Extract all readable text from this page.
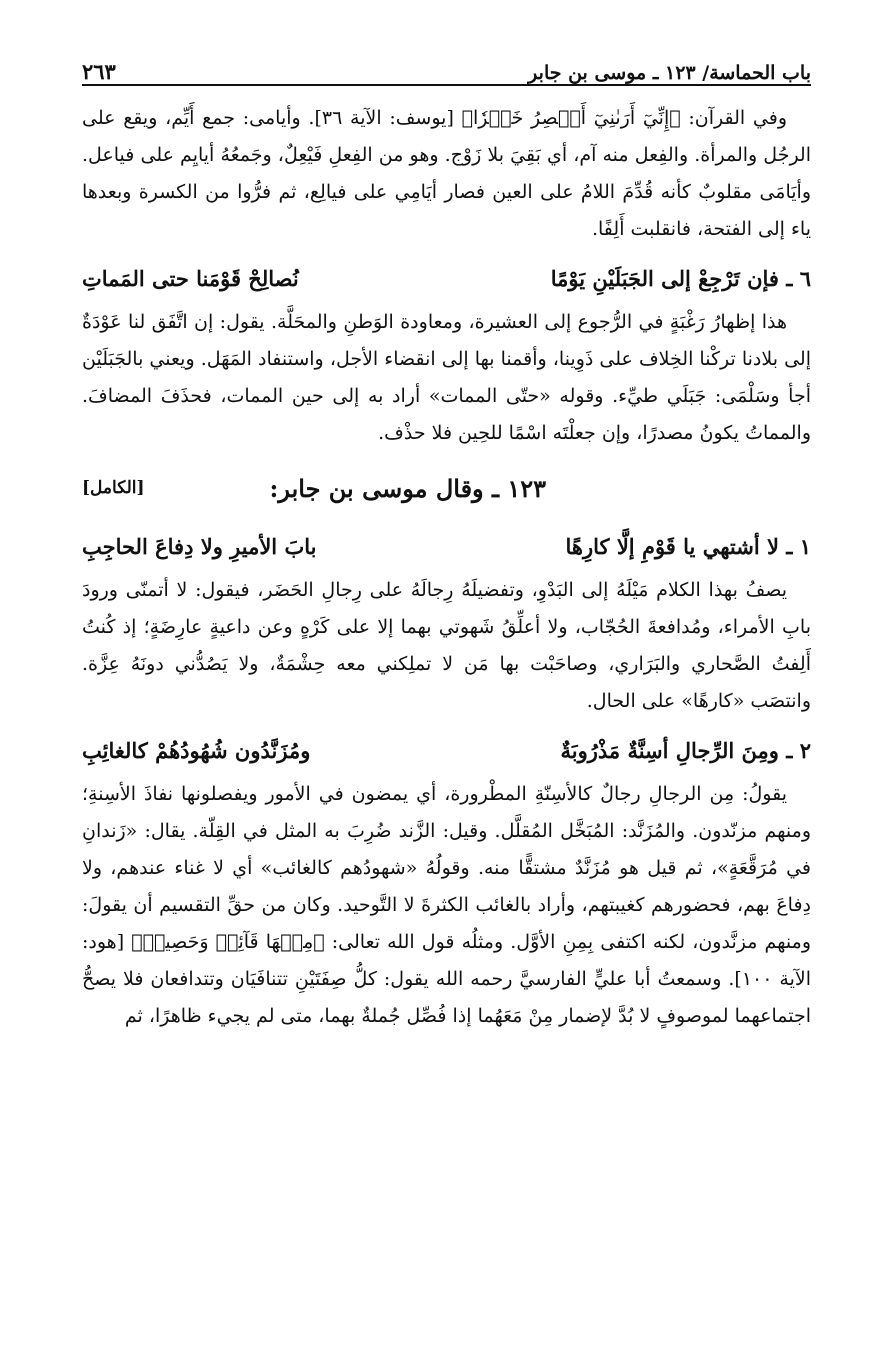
باب الحماسة/ ١٢٣ ـ موسى بن جابر
٢٦٣

وفي القرآن: ﴿إِنِّيٓ أَرَىٰنِيٓ أَعۡصِرُ خَمۡرٗا﴾ [يوسف: الآية ٣٦]. وأيامى: جمع أَيِّم، ويقع على الرجُل والمرأة. والفِعل منه آم، أي بَقِيَ بلا زَوْج. وهو من الفِعلِ فَيْعِلٌ، وجَمعُهُ أيايِم على فياعل. وأيَامَى مقلوبٌ كأنه قُدِّمَ اللامُ على العين فصار أيَامِي على فيالِع، ثم فرُّوا من الكسرة وبعدها ياء إلى الفتحة، فانقلبت أَلِفًا.

٦ ـ فإن تَرْجِعْ إلى الجَبَلَيْنِ يَوْمًا
نُصالِحْ قَوْمَنا حتى المَماتِ

هذا إظهارُ رَغْبَةٍ في الرُّجوع إلى العشيرة، ومعاودة الوَطنِ والمحَلَّة. يقول: إن اتَّفَق لنا عَوْدَةٌ إلى بلادنا تركْنا الخِلاف على ذَوِينا، وأقمنا بها إلى انقضاء الأجل، واستنفاد المَهَل. ويعني بالجَبَلَيْن أجأ وسَلْمَى: جَبَلَي طيِّء. وقوله «حتّى الممات» أراد به إلى حين الممات، فحذَفَ المضافَ. والمماتُ يكونُ مصدرًا، وإن جعلْتَه اسْمًا للحِين فلا حذْف.

١٢٣ ـ وقال موسى بن جابر:
[الكامل]
١ ـ لا أشتهي يا قَوْمِ إلَّا كارِهًا
بابَ الأميرِ ولا دِفاعَ الحاجِبِ

يصفُ بهذا الكلام مَيْلَهُ إلى البَدْوِ، وتفضيلَهُ رِجالَهُ على رِجالِ الحَضَر، فيقول: لا أتمنّى ورودَ بابِ الأمراء، ومُدافعةَ الحُجّاب، ولا أعلِّقُ شَهوتي بهما إلا على كَرْهٍ وعن داعيةٍ عارِضَةٍ؛ إذ كُنتُ أَلِفتُ الصَّحاري والبَرَاري، وصاحَبْت بها مَن لا تملِكني معه حِشْمَةٌ، ولا يَصُدُّني دونَهُ عِزَّة. وانتصَب «كارهًا» على الحال.

٢ ـ ومِنَ الرِّجالِ أسِنَّةٌ مَذْرُوبَةٌ
ومُزَنَّدُون شُهُودُهُمْ كالغائِبِ

يقولُ: مِن الرجالِ رجالٌ كالأسِنّةِ المطْرورة، أي يمضون في الأمور ويفصلونها نفاذَ الأسِنةِ؛ ومنهم مزنّدون. والمُزَنَّد: المُبَخَّل المُقلَّل. وقيل: الزَّند ضُرِبَ به المثل في القِلّة. يقال: «زَندانِ في مُرَقَّعَةٍ»، ثم قيل هو مُزَنَّدٌ مشتقًّا منه. وقولُهُ «شهودُهم كالغائب» أي لا غناء عندهم، ولا دِفاعَ بهم، فحضورهم كغيبتهم، وأراد بالغائب الكثرةَ لا التَّوحيد. وكان من حقِّ التقسيم أن يقولَ: ومنهم مزنَّدون، لكنه اكتفى بِمِنِ الأوَّل. ومثلُه قول الله تعالى: ﴿مِنۡهَا قَآئِمٞ وَحَصِيدٞ﴾ [هود: الآية ١٠٠]. وسمعتُ أبا عليٍّ الفارسيَّ رحمه الله يقول: كلُّ صِفَتَيْنِ تتنافَيَان وتتدافعان فلا يصحُّ اجتماعهما لموصوفٍ لا بُدَّ لإضمار مِنْ مَعَهُما إذا فُصِّل جُملةٌ بهما، متى لم يجيء ظاهرًا، ثم
